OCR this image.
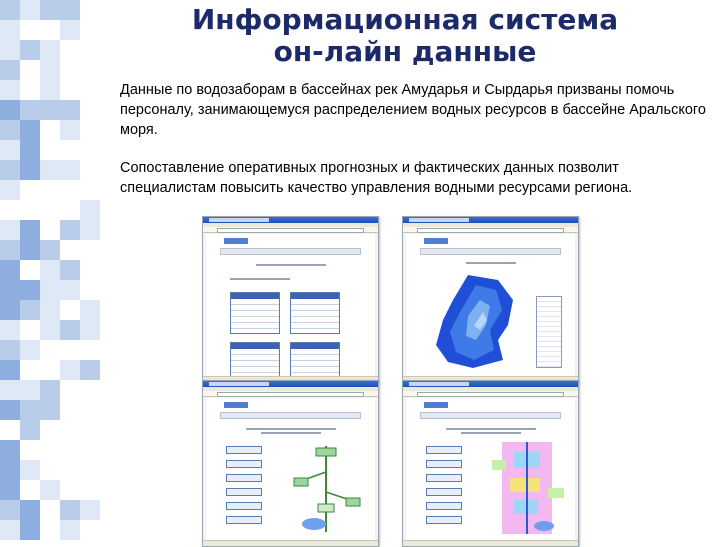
Информационная система
он-лайн данные
Данные по водозаборам в бассейнах рек Амударья и Сырдарья призваны помочь персоналу, занимающемуся распределением водных ресурсов в бассейне Аральского моря.
Сопоставление оперативных прогнозных и фактических данных позволит специалистам повысить качество управления водными ресурсами региона.
